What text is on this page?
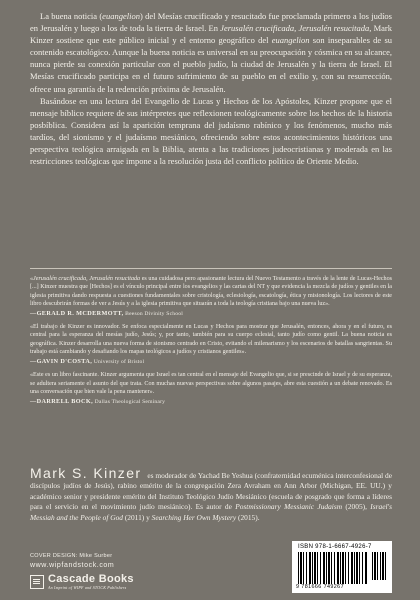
La buena noticia (euangelion) del Mesías crucificado y resucitado fue proclamada primero a los judíos en Jerusalén y luego a los de toda la tierra de Israel. En Jerusalén crucificada, Jerusalén resucitada, Mark Kinzer sostiene que este público inicial y el entorno geográfico del euangelion son inseparables de su contenido escatológico. Aunque la buena noticia es universal en su preocupación y cósmica en su alcance, nunca pierde su conexión particular con el pueblo judío, la ciudad de Jerusalén y la tierra de Israel. El Mesías crucificado participa en el futuro sufrimiento de su pueblo en el exilio y, con su resurrección, ofrece una garantía de la redención próxima de Jerusalén.

Basándose en una lectura del Evangelio de Lucas y Hechos de los Apóstoles, Kinzer propone que el mensaje bíblico requiere de sus intérpretes que reflexionen teológicamente sobre los hechos de la historia posbíblica. Considera así la aparición temprana del judaísmo rabínico y los fenómenos, mucho más tardíos, del sionismo y el judaísmo mesiánico, ofreciendo sobre estos acontecimientos históricos una perspectiva teológica arraigada en la Biblia, atenta a las tradiciones judeocristianas y moderada en las restricciones teológicas que impone a la resolución justa del conflicto político de Oriente Medio.

«Jerusalén crucificada, Jerusalén resucitada es una cuidadosa pero apasionante lectura del Nuevo Testamento a través de la lente de Lucas-Hechos [...] Kinzer muestra que [Hechos] es el vínculo principal entre los evangelios y las cartas del NT y que evidencia la mezcla de judíos y gentiles en la iglesia primitiva dando respuesta a cuestiones fundamentales sobre cristología, eclesiología, escatología, ética y misionología. Los lectores de este libro descubrirán formas de ver a Jesús y a la iglesia primitiva que situarán a toda la teología cristiana bajo una nueva luz».

—GERALD R. MCDERMOTT, Beeson Divinity School

«El trabajo de Kinzer es innovador. Se enfoca especialmente en Lucas y Hechos para mostrar que Jerusalén, entonces, ahora y en el futuro, es central para la esperanza del mesías judío, Jesús; y, por tanto, también para su cuerpo eclesial, tanto judío como gentil. La buena noticia es geográfica. Kinzer desarrolla una nueva forma de sionismo centrado en Cristo, evitando el milenarismo y los escenarios de batallas sangrientas. Su trabajo está cambiando y desafiando los mapas teológicos a judíos y cristianos gentiles».

—GAVIN D'COSTA, University of Bristol

«Este es un libro fascinante. Kinzer argumenta que Israel es tan central en el mensaje del Evangelio que, si se prescinde de Israel y de su esperanza, se adultera seriamente el asunto del que trata. Con muchas nuevas perspectivas sobre algunos pasajes, abre esta cuestión a un debate renovado. Es una conversación que bien vale la pena mantener».

—DARRELL BOCK, Dallas Theological Seminary

Mark S. Kinzer es moderador de Yachad Be Yeshua (confraternidad ecuménica interconfesional de discípulos judíos de Jesús), rabino emérito de la congregación Zera Avraham en Ann Arbor (Michigan, EE. UU.) y académico senior y presidente emérito del Instituto Teológico Judío Mesiánico (escuela de posgrado que forma a líderes para el servicio en el movimiento judío mesiánico). Es autor de Postmissionary Messianic Judaism (2005), Israel's Messiah and the People of God (2011) y Searching Her Own Mystery (2015).
COVER DESIGN: Mike Surber
www.wipfandstock.com
Cascade Books
An Imprint of WIPF and STOCK Publishers
ISBN 978-1-6667-4926-7
9 781666 749267
